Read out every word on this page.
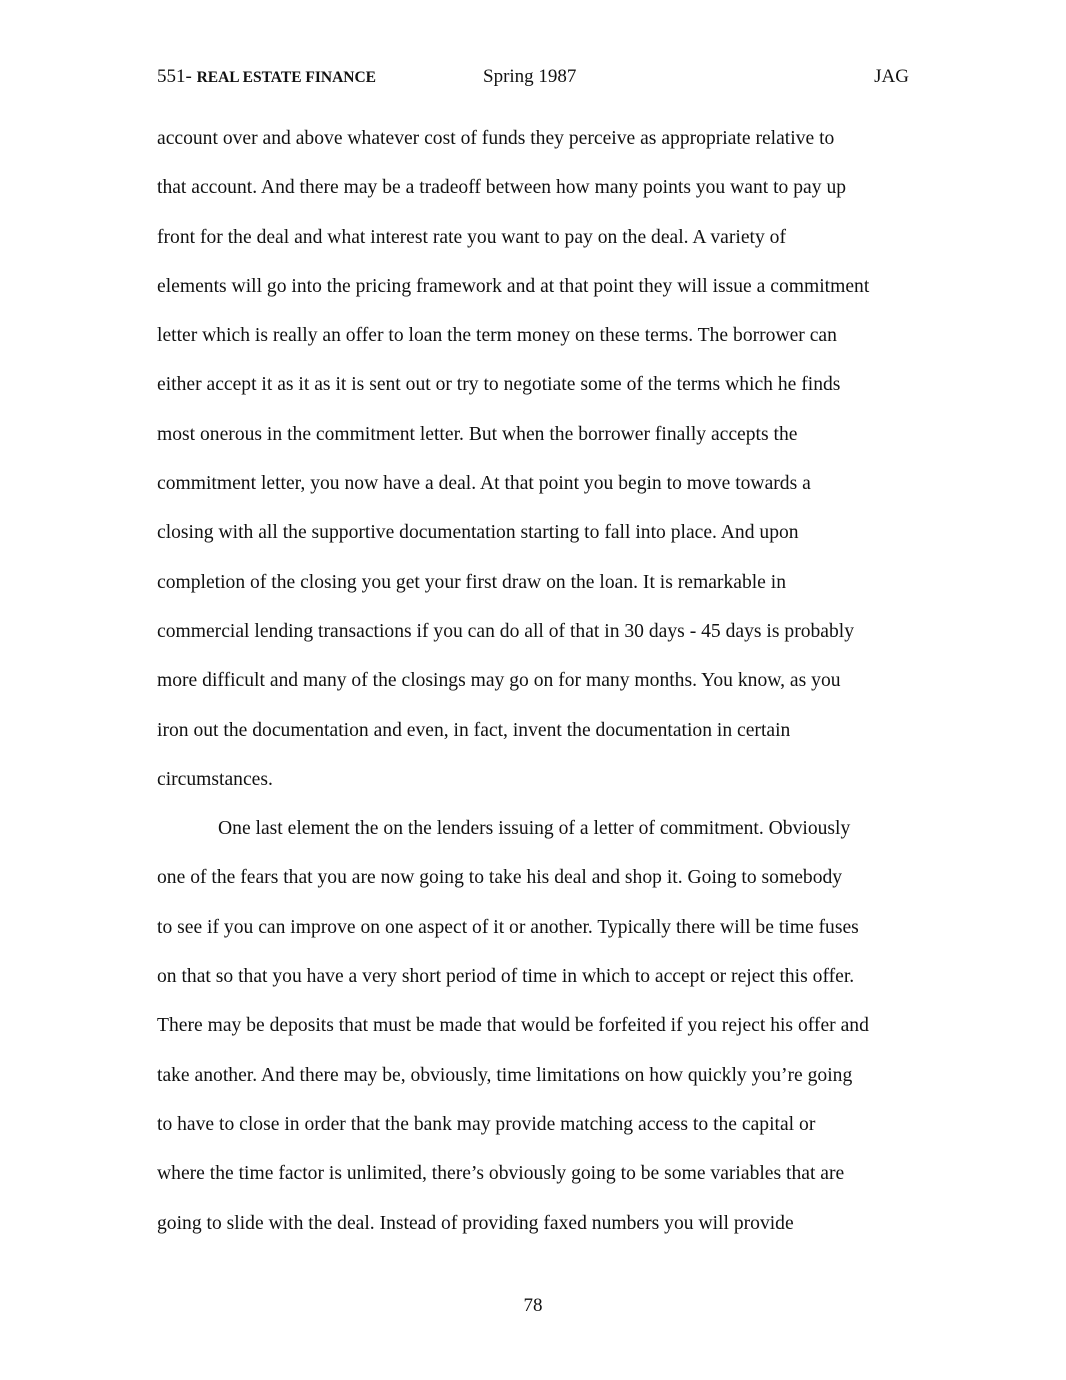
551- REAL ESTATE FINANCE	Spring 1987	JAG
account over and above whatever cost of funds they perceive as appropriate relative to
that account. And there may be a tradeoff between how many points you want to pay up
front for the deal and what interest rate you want to pay on the deal. A variety of
elements will go into the pricing framework and at that point they will issue a commitment
letter which is really an offer to loan the term money on these terms. The borrower can
either accept it as it as it is sent out or try to negotiate some of the terms which he finds
most onerous in the commitment letter. But when the borrower finally accepts the
commitment letter, you now have a deal. At that point you begin to move towards a
closing with all the supportive documentation starting to fall into place. And upon
completion of the closing you get your first draw on the loan. It is remarkable in
commercial lending transactions if you can do all of that in 30 days - 45 days is probably
more difficult and many of the closings may go on for many months. You know, as you
iron out the documentation and even, in fact, invent the documentation in certain
circumstances.
One last element the on the lenders issuing of a letter of commitment. Obviously
one of the fears that you are now going to take his deal and shop it. Going to somebody
to see if you can improve on one aspect of it or another. Typically there will be time fuses
on that so that you have a very short period of time in which to accept or reject this offer.
There may be deposits that must be made that would be forfeited if you reject his offer and
take another. And there may be, obviously, time limitations on how quickly you’re going
to have to close in order that the bank may provide matching access to the capital or
where the time factor is unlimited, there’s obviously going to be some variables that are
going to slide with the deal. Instead of providing faxed numbers you will provide
78
